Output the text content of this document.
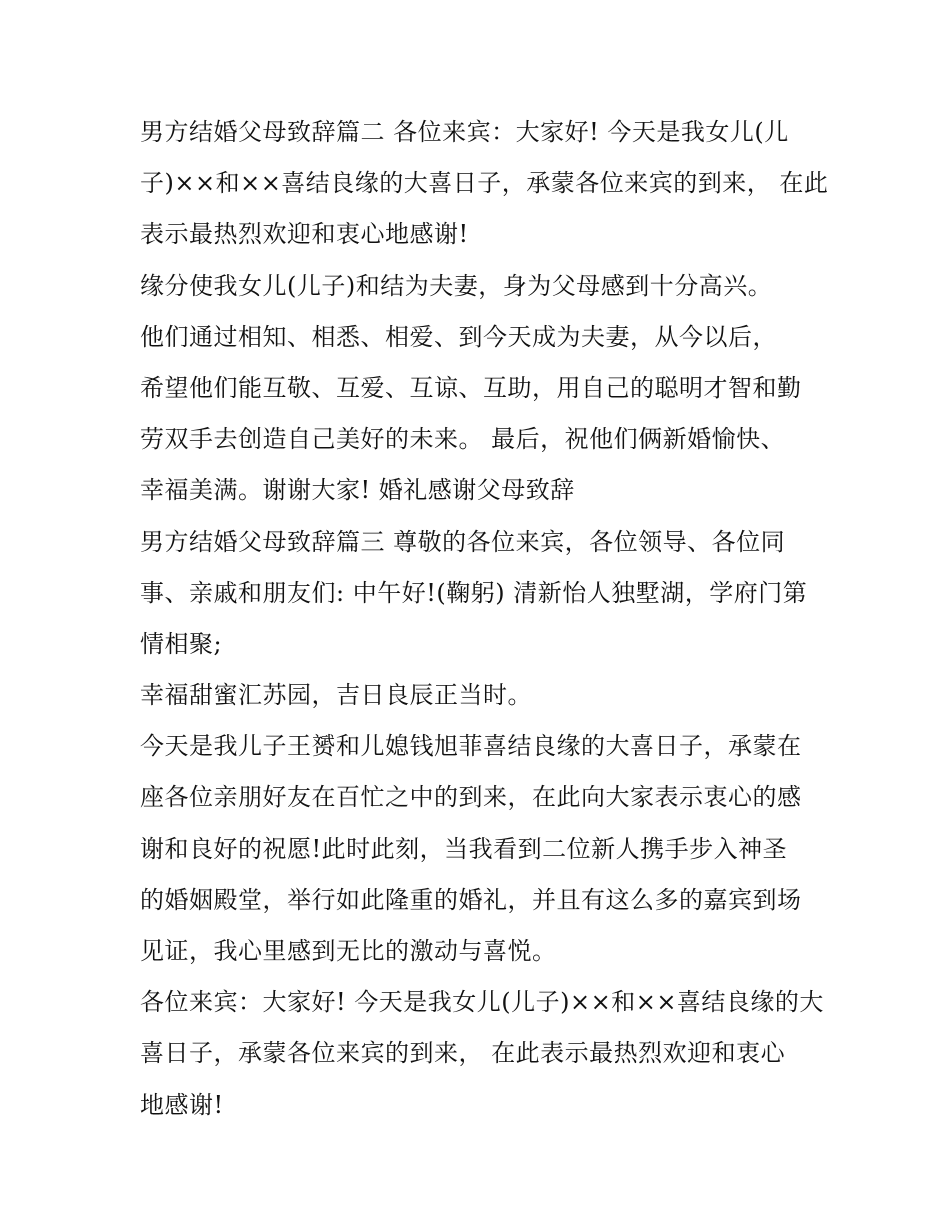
男方结婚父母致辞篇二 各位来宾：大家好! 今天是我女儿(儿
子)××和××喜结良缘的大喜日子，承蒙各位来宾的到来， 在此
表示最热烈欢迎和衷心地感谢!
缘分使我女儿(儿子)和结为夫妻，身为父母感到十分高兴。
他们通过相知、相悉、相爱、到今天成为夫妻，从今以后，
希望他们能互敬、互爱、互谅、互助，用自己的聪明才智和勤
劳双手去创造自己美好的未来。 最后，祝他们俩新婚愉快、
幸福美满。谢谢大家! 婚礼感谢父母致辞
男方结婚父母致辞篇三 尊敬的各位来宾，各位领导、各位同
事、亲戚和朋友们: 中午好!(鞠躬) 清新怡人独墅湖，学府门第
情相聚;
幸福甜蜜汇苏园，吉日良辰正当时。
今天是我儿子王赟和儿媳钱旭菲喜结良缘的大喜日子，承蒙在
座各位亲朋好友在百忙之中的到来，在此向大家表示衷心的感
谢和良好的祝愿!此时此刻，当我看到二位新人携手步入神圣
的婚姻殿堂，举行如此隆重的婚礼，并且有这么多的嘉宾到场
见证，我心里感到无比的激动与喜悦。
各位来宾：大家好! 今天是我女儿(儿子)××和××喜结良缘的大
喜日子，承蒙各位来宾的到来， 在此表示最热烈欢迎和衷心
地感谢!
